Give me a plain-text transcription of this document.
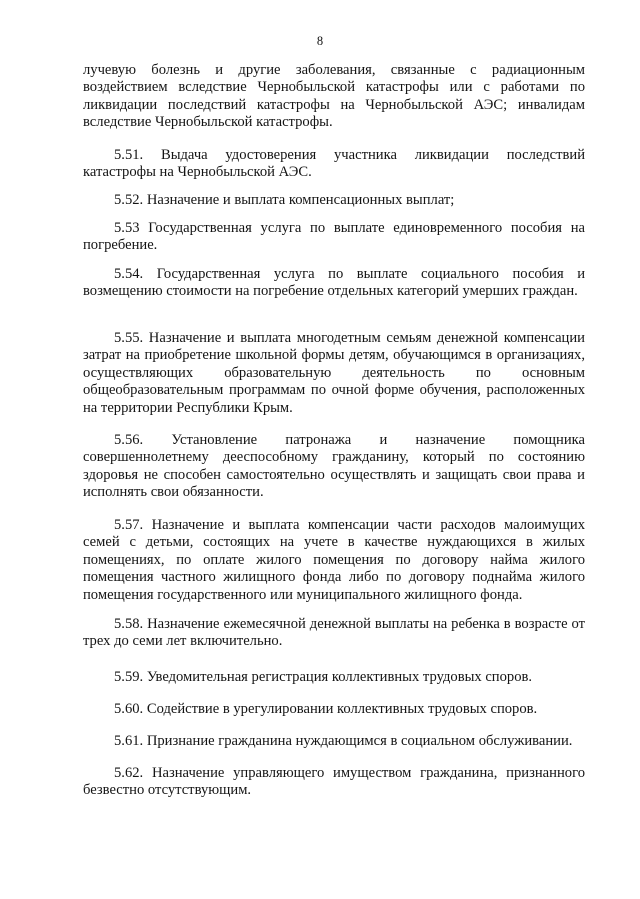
8

лучевую болезнь и другие заболевания, связанные с радиационным воздействием вследствие Чернобыльской катастрофы или с работами по ликвидации последствий катастрофы на Чернобыльской АЭС; инвалидам вследствие Чернобыльской катастрофы.

5.51. Выдача удостоверения участника ликвидации последствий катастрофы на Чернобыльской АЭС.

5.52. Назначение и выплата компенсационных выплат;

5.53 Государственная услуга по выплате единовременного пособия на погребение.

5.54. Государственная услуга по выплате социального пособия и возмещению стоимости на погребение отдельных категорий умерших граждан.

5.55. Назначение и выплата многодетным семьям денежной компенсации затрат на приобретение школьной формы детям, обучающимся в организациях, осуществляющих образовательную деятельность по основным общеобразовательным программам по очной форме обучения, расположенных на территории Республики Крым.

5.56. Установление патронажа и назначение помощника совершеннолетнему дееспособному гражданину, который по состоянию здоровья не способен самостоятельно осуществлять и защищать свои права и исполнять свои обязанности.

5.57. Назначение и выплата компенсации части расходов малоимущих семей с детьми, состоящих на учете в качестве нуждающихся в жилых помещениях, по оплате жилого помещения по договору найма жилого помещения частного жилищного фонда либо по договору поднайма жилого помещения государственного или муниципального жилищного фонда.

5.58. Назначение ежемесячной денежной выплаты на ребенка в возрасте от трех до семи лет включительно.

5.59. Уведомительная регистрация коллективных трудовых споров.

5.60. Содействие в урегулировании коллективных трудовых споров.

5.61. Признание гражданина нуждающимся в социальном обслуживании.

5.62. Назначение управляющего имуществом гражданина, признанного безвестно отсутствующим.
